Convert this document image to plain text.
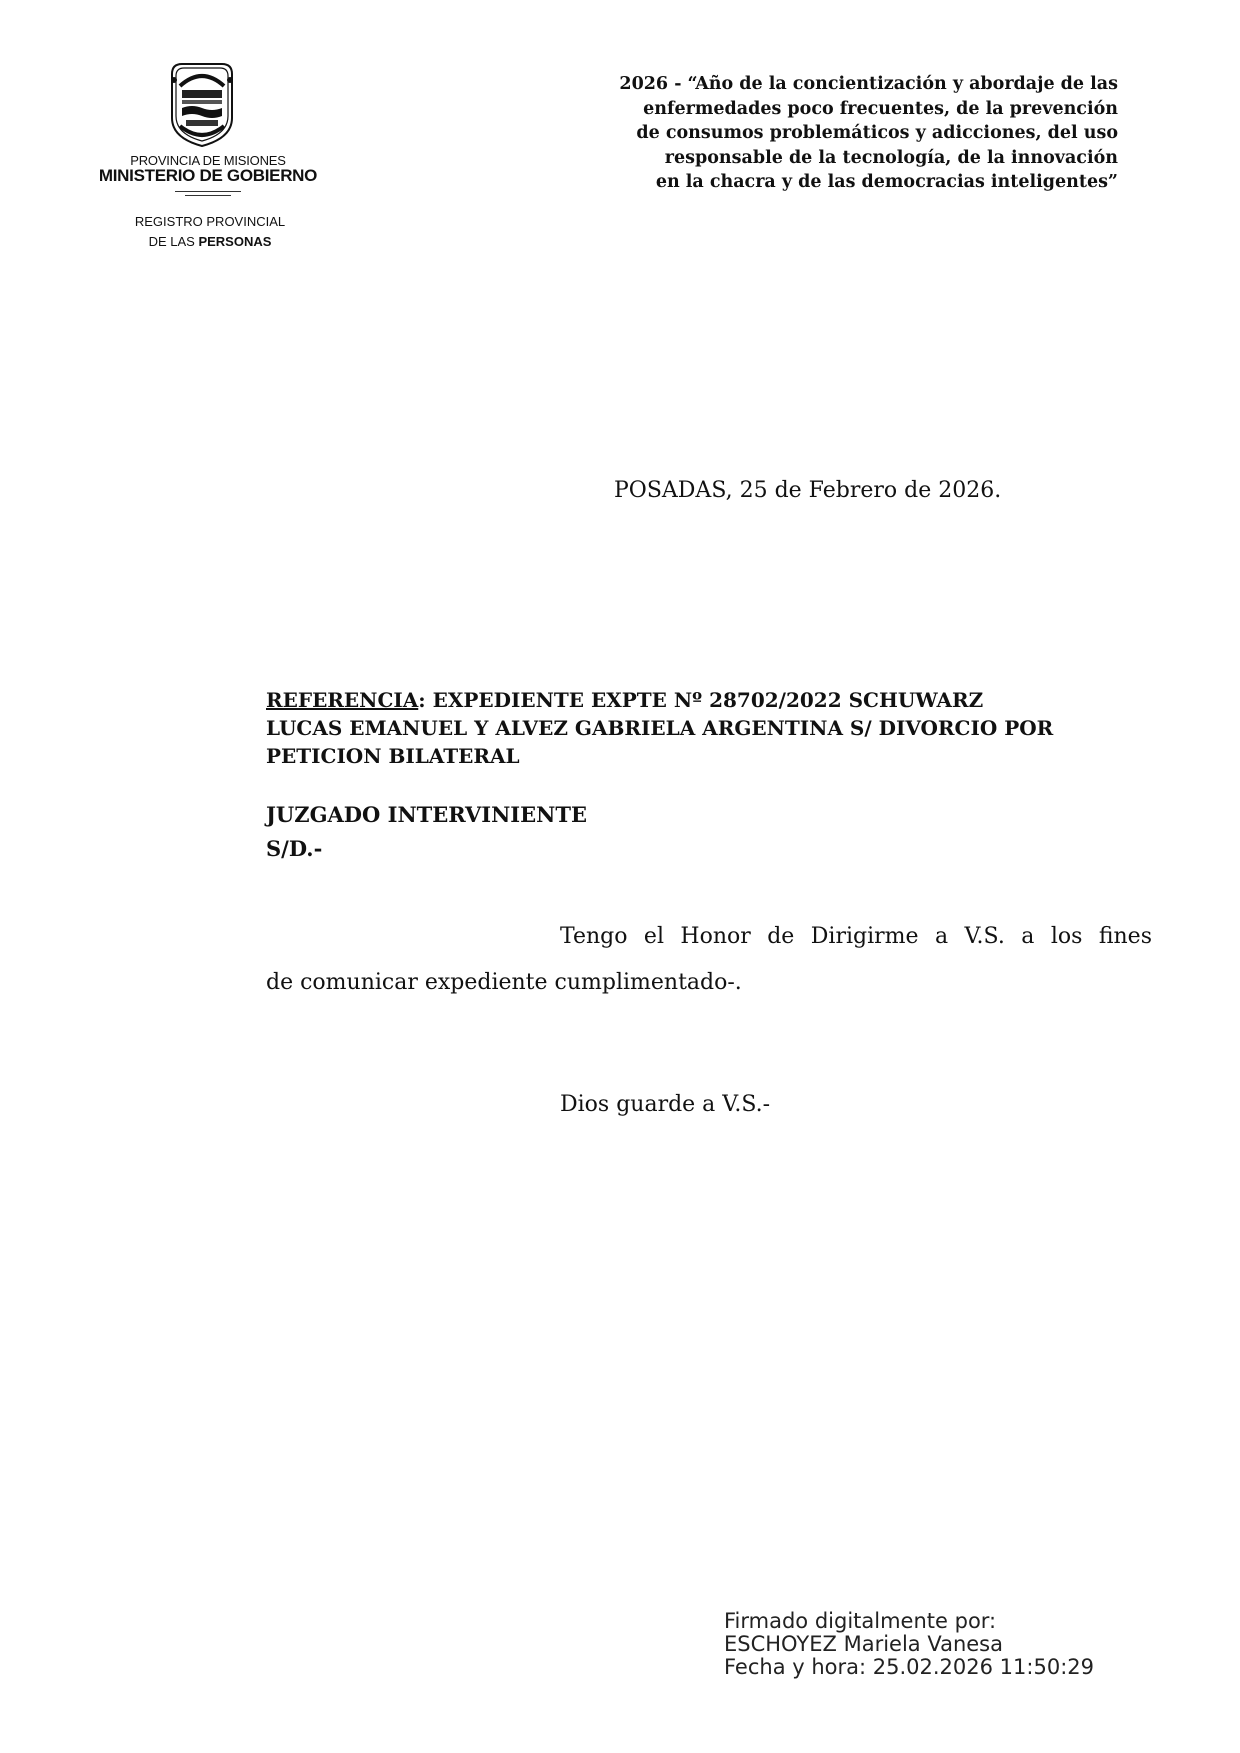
PROVINCIA DE MISIONES
MINISTERIO DE GOBIERNO
REGISTRO PROVINCIAL
DE LAS PERSONAS
2026 - “Año de la concientización y abordaje de las
enfermedades poco frecuentes, de la prevención
de consumos problemáticos y adicciones, del uso
responsable de la tecnología, de la innovación
en la chacra y de las democracias inteligentes”
POSADAS, 25 de Febrero de 2026.
REFERENCIA: EXPEDIENTE EXPTE Nº 28702/2022 SCHUWARZ
LUCAS EMANUEL Y ALVEZ GABRIELA ARGENTINA S/ DIVORCIO POR
PETICION BILATERAL
JUZGADO INTERVINIENTE
S/D.-
Tengo el Honor de Dirigirme a V.S. a los fines
de comunicar expediente cumplimentado-.
Dios guarde a V.S.-
Firmado digitalmente por:
ESCHOYEZ Mariela Vanesa
Fecha y hora: 25.02.2026 11:50:29
